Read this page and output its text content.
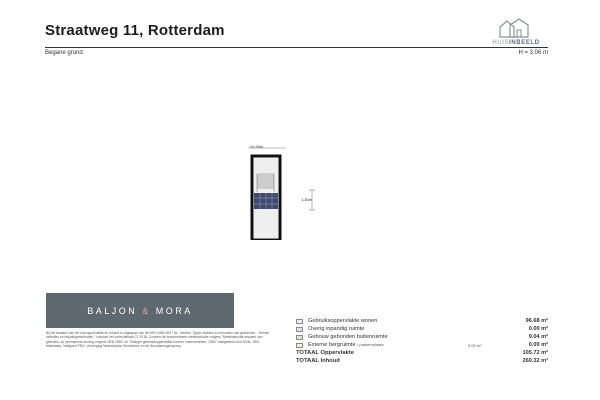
Straatweg 11, Rotterdam
HUISINBEELD
Begane grond	H = 3.06 m
≈0.90m
1.30m
BALJON & MORA
Bij het bepalen van de vloeroppervlakte en inhoud is uitgegaan van de NEN 2580:2007 NL. Hiertoe "Opper vlakken en inhouden van gebouwen - Termen definities en bepalingsmethoden", inclusief het correctieblad C1:2018. Conform de branchebrede meetinstructie volgens "Meetinstructie bepalen van gebruiks- op permanente woning volgens NEN 2580" en "Nuttiger gebruiksoppervlakte kunnen onderscheiden -2580" vastgesteld door NVM, VBO Makelaars, Vastgoed PRO, Vereniging Nederlandse Gemeenten en de Woonbelangengroep.
Gebruiksoppervlakte wonen	96.68 m²
Overig inpandig ruimte	0.00 m²
Gebouw gebonden buitenruimte	9.04 m²
Externe bergruimte / parkeerplaats	0.00 m²	0.00 m²
TOTAAL Oppervlakte	105.72 m²
TOTAAL Inhoud	260.32 m³
